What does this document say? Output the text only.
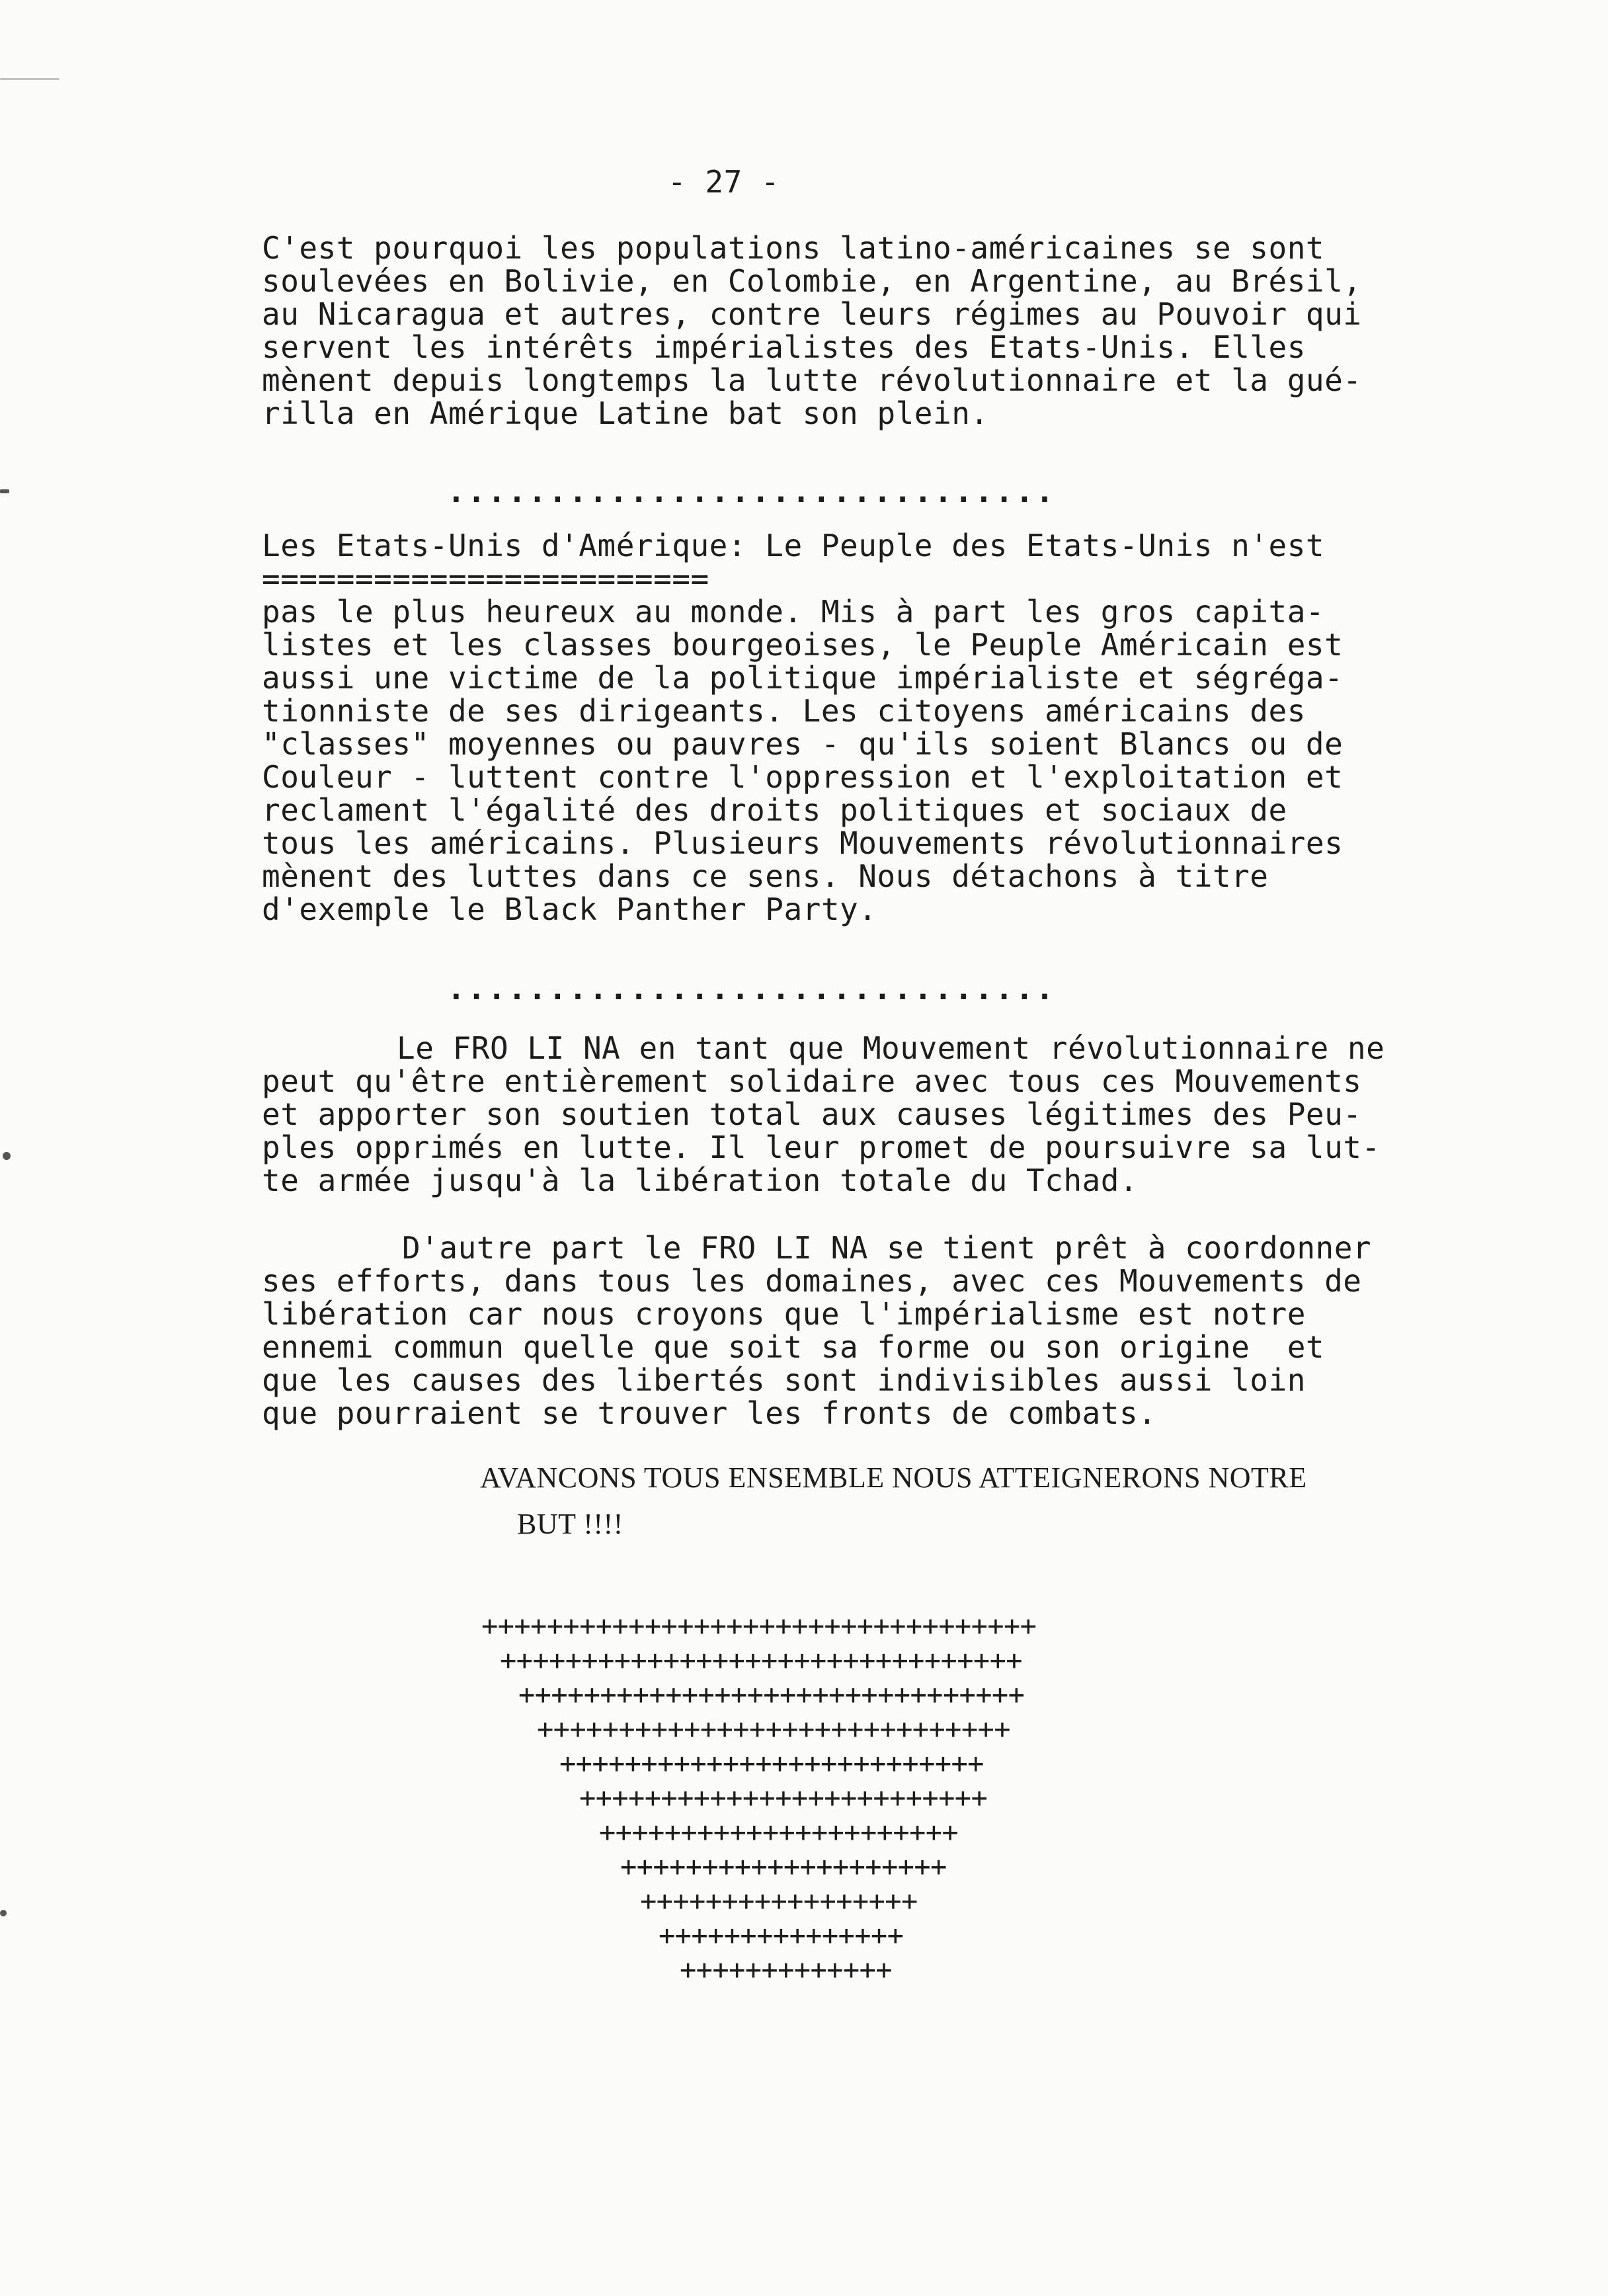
- 27 -
C'est pourquoi les populations latino-américaines se sont
soulevées en Bolivie, en Colombie, en Argentine, au Brésil,
au Nicaragua et autres, contre leurs régimes au Pouvoir qui
servent les intérêts impérialistes des Etats-Unis. Elles
mènent depuis longtemps la lutte révolutionnaire et la gué-
rilla en Amérique Latine bat son plein.
..............................
Les Etats-Unis d'Amérique: Le Peuple des Etats-Unis n'est
========================
pas le plus heureux au monde. Mis à part les gros capita-
listes et les classes bourgeoises, le Peuple Américain est
aussi une victime de la politique impérialiste et ségréga-
tionniste de ses dirigeants. Les citoyens américains des
"classes" moyennes ou pauvres - qu'ils soient Blancs ou de
Couleur - luttent contre l'oppression et l'exploitation et
reclament l'égalité des droits politiques et sociaux de
tous les américains. Plusieurs Mouvements révolutionnaires
mènent des luttes dans ce sens. Nous détachons à titre
d'exemple le Black Panther Party.
..............................
Le FRO LI NA en tant que Mouvement révolutionnaire ne
peut qu'être entièrement solidaire avec tous ces Mouvements
et apporter son soutien total aux causes légitimes des Peu-
ples opprimés en lutte. Il leur promet de poursuivre sa lut-
te armée jusqu'à la libération totale du Tchad.
D'autre part le FRO LI NA se tient prêt à coordonner
ses efforts, dans tous les domaines, avec ces Mouvements de
libération car nous croyons que l'impérialisme est notre
ennemi commun quelle que soit sa forme ou son origine  et
que les causes des libertés sont indivisibles aussi loin
que pourraient se trouver les fronts de combats.
AVANCONS TOUS ENSEMBLE NOUS ATTEIGNERONS NOTRE
BUT !!!!
++++++++++++++++++++++++++++++++++
++++++++++++++++++++++++++++++++
+++++++++++++++++++++++++++++++
+++++++++++++++++++++++++++++
++++++++++++++++++++++++++
+++++++++++++++++++++++++
++++++++++++++++++++++
++++++++++++++++++++
+++++++++++++++++
+++++++++++++++
+++++++++++++
